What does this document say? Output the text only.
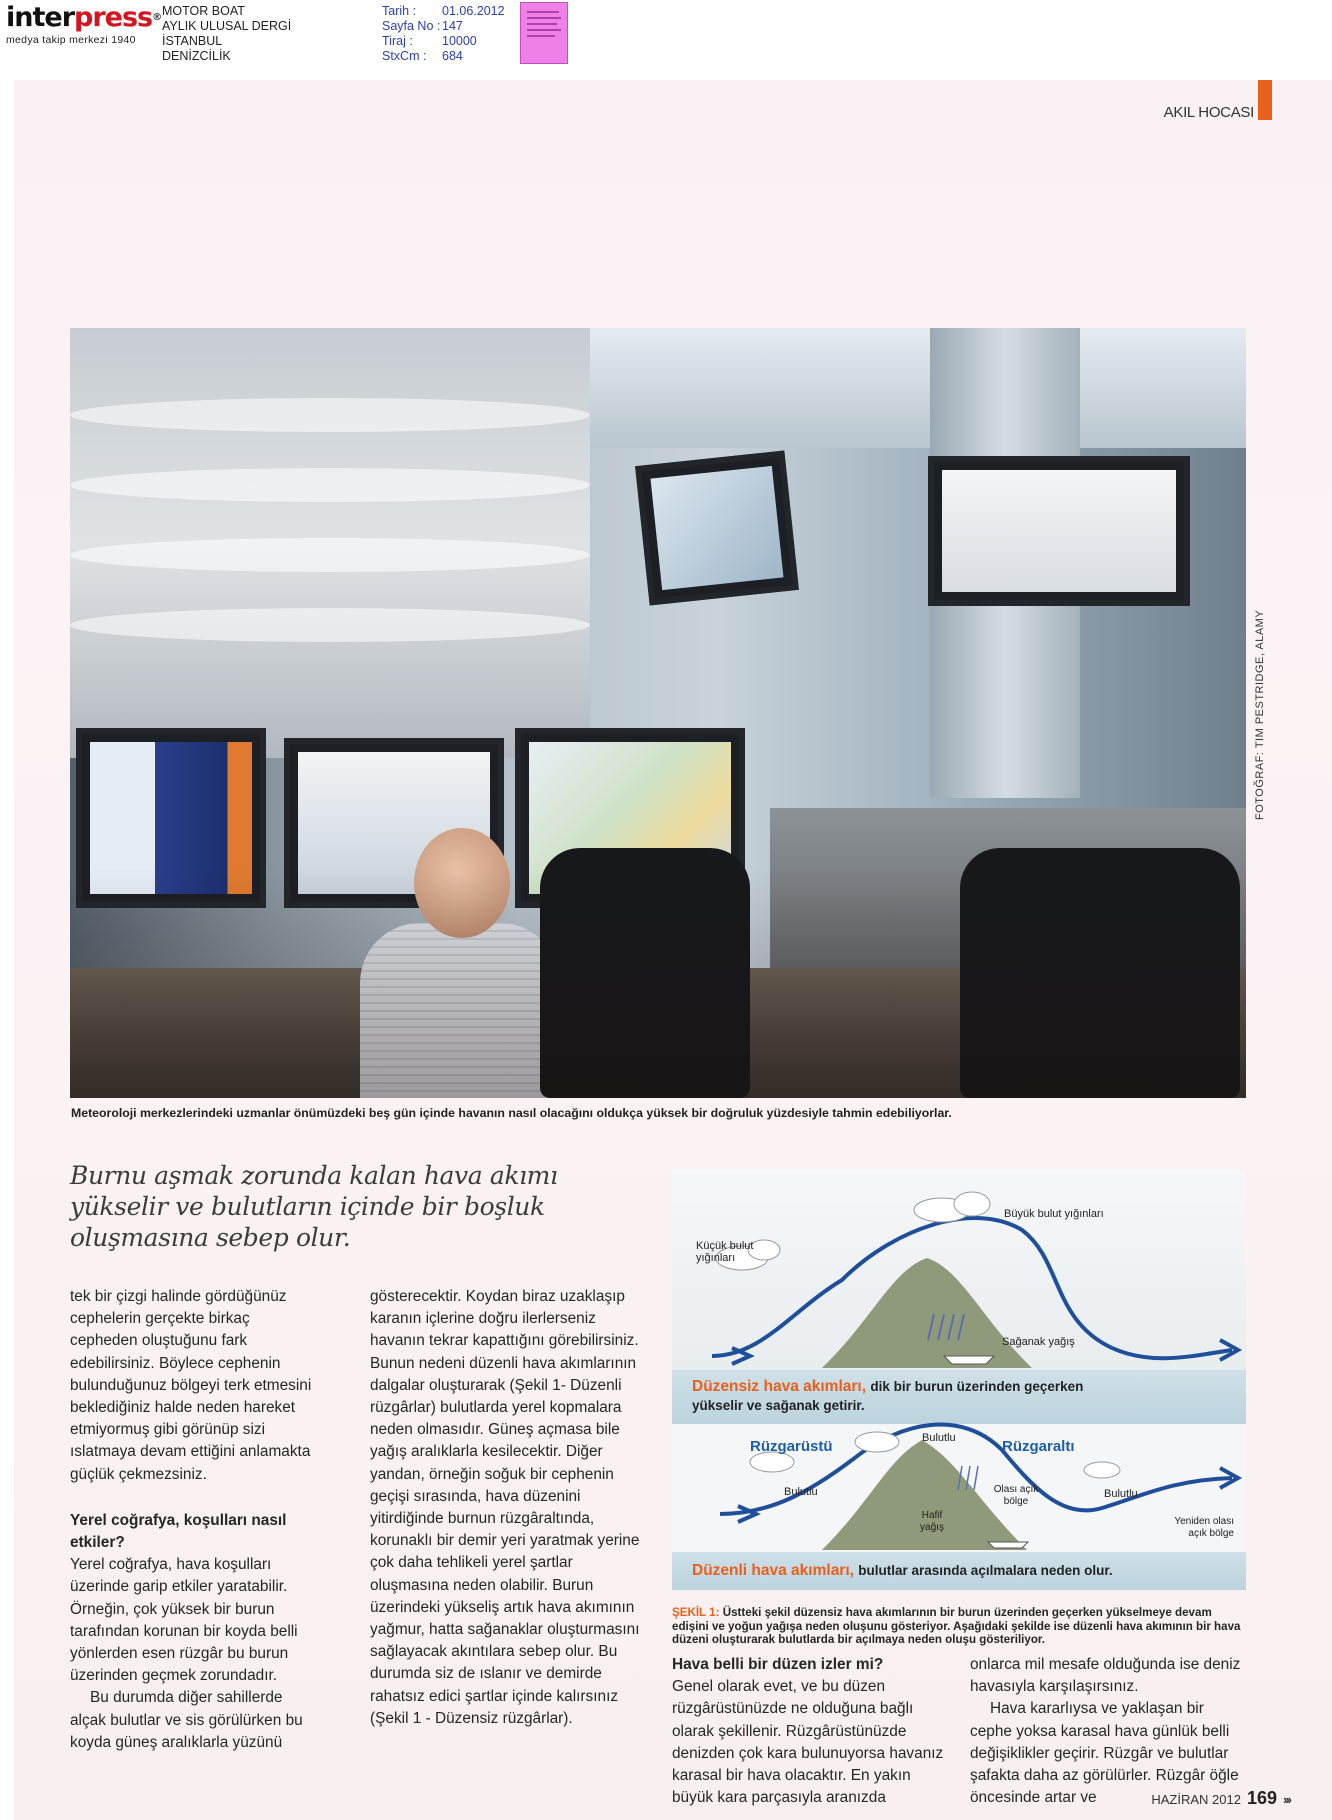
interpress®
medya takip merkezi 1940
MOTOR BOAT
AYLIK ULUSAL DERGİ
İSTANBUL
DENİZCİLİK
Tarih :	01.06.2012
Sayfa No : 147
Tiraj :	10000
StxCm :	684
AKIL HOCASI
FOTOĞRAF: TIM PESTRIDGE, ALAMY
Meteoroloji merkezlerindeki uzmanlar önümüzdeki beş gün içinde havanın nasıl olacağını oldukça yüksek bir doğruluk yüzdesiyle tahmin edebiliyorlar.
Burnu aşmak zorunda kalan hava akımı yükselir ve bulutların içinde bir boşluk oluşmasına sebep olur.

tek bir çizgi halinde gördüğünüz cephelerin gerçekte birkaç cepheden oluştuğunu fark edebilirsiniz. Böylece cephenin bulunduğunuz bölgeyi terk etmesini beklediğiniz halde neden hareket etmiyormuş gibi görünüp sizi ıslatmaya devam ettiğini anlamakta güçlük çekmezsiniz.

Yerel coğrafya, koşulları nasıl etkiler?

Yerel coğrafya, hava koşulları üzerinde garip etkiler yaratabilir. Örneğin, çok yüksek bir burun tarafından korunan bir koyda belli yönlerden esen rüzgâr bu burun üzerinden geçmek zorundadır.

Bu durumda diğer sahillerde alçak bulutlar ve sis görülürken bu koyda güneş aralıklarla yüzünü

gösterecektir. Koydan biraz uzaklaşıp karanın içlerine doğru ilerlerseniz havanın tekrar kapattığını görebilirsiniz. Bunun nedeni düzenli hava akımlarının dalgalar oluşturarak (Şekil 1- Düzenli rüzgârlar) bulutlarda yerel kopmalara neden olmasıdır. Güneş açmasa bile yağış aralıklarla kesilecektir. Diğer yandan, örneğin soğuk bir cephenin geçişi sırasında, hava düzenini yitirdiğinde burnun rüzgâraltında, korunaklı bir demir yeri yaratmak yerine çok daha tehlikeli yerel şartlar oluşmasına neden olabilir. Burun üzerindeki yükseliş artık hava akımının yağmur, hatta sağanaklar oluşturmasını sağlayacak akıntılara sebep olur. Bu durumda siz de ıslanır ve demirde rahatsız edici şartlar içinde kalırsınız (Şekil 1 - Düzensiz rüzgârlar).

Küçük bulut yığınları
Büyük bulut yığınları
Sağanak yağış
Düzensiz hava akımları, dik bir burun üzerinden geçerken
yükselir ve sağanak getirir.
Rüzgarüstü	Rüzgaraltı
Bulutlu
Bulutlu	Bulutlu
Hafif yağış
Olası açık bölge
Yeniden olası açık bölge
Düzenli hava akımları, bulutlar arasında açılmalara neden olur.
ŞEKİL 1: Üstteki şekil düzensiz hava akımlarının bir burun üzerinden geçerken yükselmeye devam edişini ve yoğun yağışa neden oluşunu gösteriyor. Aşağıdaki şekilde ise düzenli hava akımının bir hava düzeni oluşturarak bulutlarda bir açılmaya neden oluşu gösteriliyor.

Hava belli bir düzen izler mi?

Genel olarak evet, ve bu düzen rüzgârüstünüzde ne olduğuna bağlı olarak şekillenir. Rüzgârüstünüzde denizden çok kara bulunuyorsa havanız karasal bir hava olacaktır. En yakın büyük kara parçasıyla aranızda

onlarca mil mesafe olduğunda ise deniz havasıyla karşılaşırsınız.

Hava kararlıysa ve yaklaşan bir cephe yoksa karasal hava günlük belli değişiklikler geçirir. Rüzgâr ve bulutlar şafakta daha az görülürler. Rüzgâr öğle öncesinde artar ve	HAZİRAN 2012 169 ›››
